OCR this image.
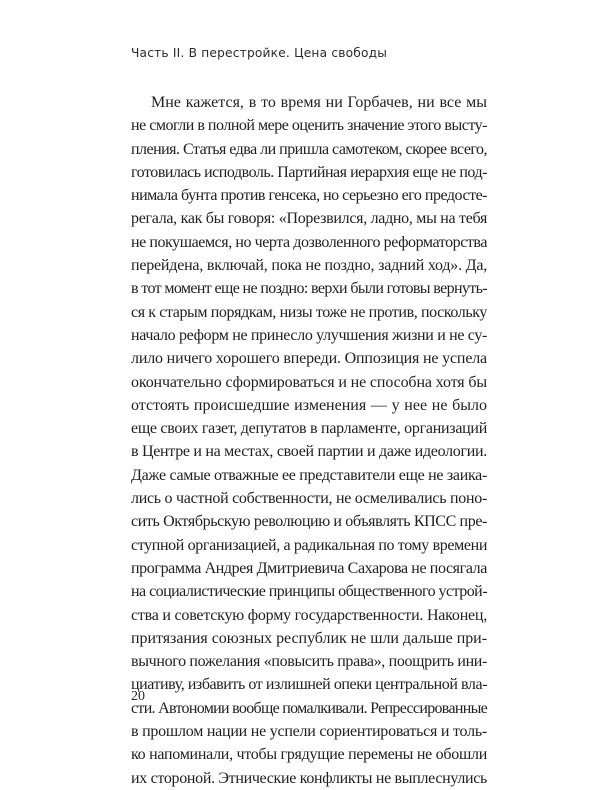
Часть II. В перестройке. Цена свободы
Мне кажется, в то время ни Горбачев, ни все мы
не смогли в полной мере оценить значение этого высту-
пления. Статья едва ли пришла самотеком, скорее всего,
готовилась исподволь. Партийная иерархия еще не под-
нимала бунта против генсека, но серьезно его предосте-
регала, как бы говоря: «Порезвился, ладно, мы на тебя
не покушаемся, но черта дозволенного реформаторства
перейдена, включай, пока не поздно, задний ход». Да,
в тот момент еще не поздно: верхи были готовы вернуть-
ся к старым порядкам, низы тоже не против, поскольку
начало реформ не принесло улучшения жизни и не су-
лило ничего хорошего впереди. Оппозиция не успела
окончательно сформироваться и не способна хотя бы
отстоять происшедшие изменения — у нее не было
еще своих газет, депутатов в парламенте, организаций
в Центре и на местах, своей партии и даже идеологии.
Даже самые отважные ее представители еще не заика-
лись о частной собственности, не осмеливались поно-
сить Октябрьскую революцию и объявлять КПСС пре-
ступной организацией, а радикальная по тому времени
программа Андрея Дмитриевича Сахарова не посягала
на социалистические принципы общественного устрой-
ства и советскую форму государственности. Наконец,
притязания союзных республик не шли дальше при-
вычного пожелания «повысить права», поощрить ини-
циативу, избавить от излишней опеки центральной вла-
сти. Автономии вообще помалкивали. Репрессированные
в прошлом нации не успели сориентироваться и толь-
ко напоминали, чтобы грядущие перемены не обошли
их стороной. Этнические конфликты не выплеснулись
20
